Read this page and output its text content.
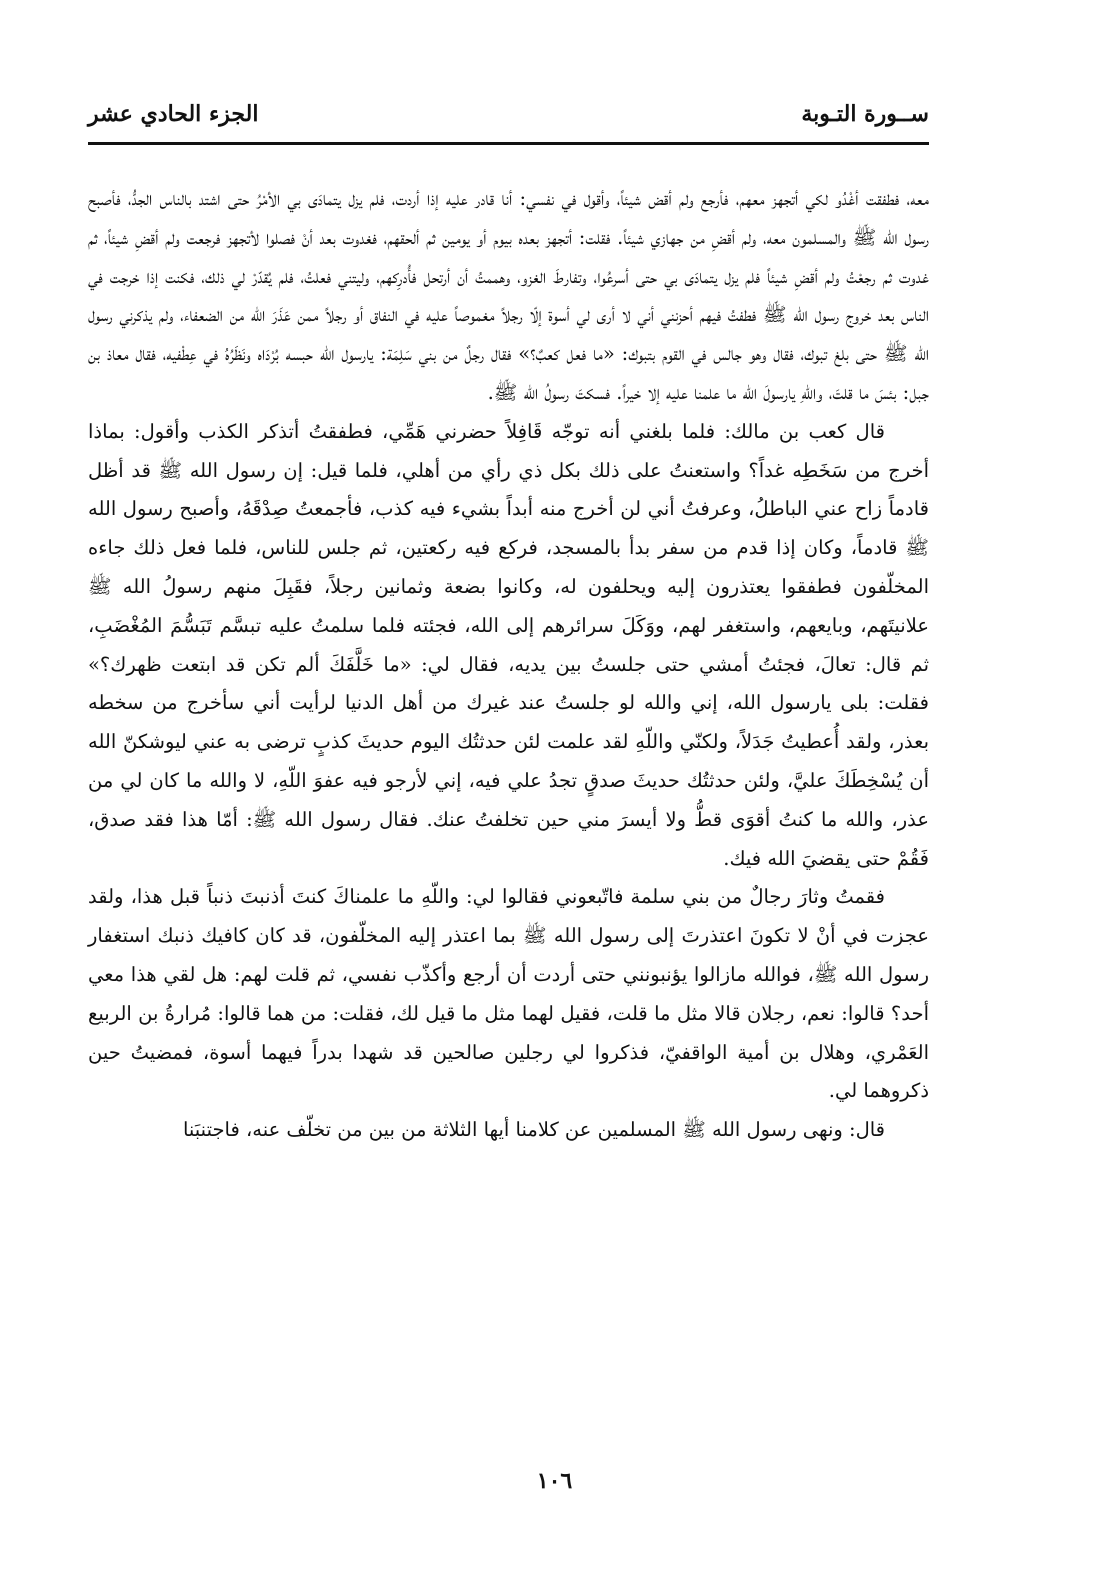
ســورة التـوبة
الجزء الحادي عشر

معه، فطفقت أغْدُو لكي أتجهز معهم، فأرجع ولم أقض شيئاً، وأقول في نفسي: أنا قادر عليه إذا أردت، فلم يزل يتمادَى بي الأمْرُ حتى اشتد بالناس الجدُّ، فأصبح رسول الله ﷺ والمسلمون معه، ولم أقضِ من جهازي شيئاً. فقلت: أتجهز بعده بيوم أو يومين ثم ألحقهم، فغدوت بعد أنْ فصلوا لأتجهز فرجعت ولم أقضِ شيئاً، ثم غدوت ثم رجعْتُ ولم أقضِ شيئاً فلم يزل يتمادَى بي حتى أسرعُوا، وتفارطَ الغزو، وهممتُ أن أرتحل فأُدرِكهم، وليتني فعلتُ، فلم يُقدّرْ لي ذلك، فكنت إذا خرجت في الناس بعد خروج رسول الله ﷺ فطفتُ فيهم أحزنني أني لا أرى لي أسوة إلّا رجلاً مغموصاً عليه في النفاق أو رجلاً ممن عَذَرَ الله من الضعفاء، ولم يذكرني رسول الله ﷺ حتى بلغ تبوك، فقال وهو جالس في القوم بتبوك: «ما فعل كعبٌ؟» فقال رجلٌ من بني سَلِمَة: يارسول الله حبسه بُرْدَاه ونَظَرُهُ في عِطْفيه، فقال معاذ بن جبل: بئسَ ما قلتَ، واللّهِ يارسولَ الله ما علمنا عليه إلا خيراً. فسكتَ رسولُ الله ﷺ.

قال كعب بن مالك: فلما بلغني أنه توجّه قَافِلاً حضرني هَمِّي، فطفقتُ أتذكر الكذب وأقول: بماذا أخرج من سَخَطِه غداً؟ واستعنتُ على ذلك بكل ذي رأي من أهلي، فلما قيل: إن رسول الله ﷺ قد أظل قادماً زاح عني الباطلُ، وعرفتُ أني لن أخرج منه أبداً بشيء فيه كذب، فأجمعتُ صِدْقَهُ، وأصبح رسول الله ﷺ قادماً، وكان إذا قدم من سفر بدأ بالمسجد، فركع فيه ركعتين، ثم جلس للناس، فلما فعل ذلك جاءه المخلّفون فطفقوا يعتذرون إليه ويحلفون له، وكانوا بضعة وثمانين رجلاً، فقَبِلَ منهم رسولُ الله ﷺ علانيتَهم، وبايعهم، واستغفر لهم، ووَكَلَ سرائرهم إلى الله، فجئته فلما سلمتُ عليه تبسَّم تَبَسُّمَ المُغْضَبِ، ثم قال: تعالَ، فجئتُ أمشي حتى جلستُ بين يديه، فقال لي: «ما خَلَّفَكَ ألم تكن قد ابتعت ظهرك؟» فقلت: بلى يارسول الله، إني والله لو جلستُ عند غيرك من أهل الدنيا لرأيت أني سأخرج من سخطه بعذر، ولقد أُعطيتُ جَدَلاً، ولكنّي واللّهِ لقد علمت لئن حدثتُك اليوم حديثَ كذبٍ ترضى به عني ليوشكنّ الله أن يُسْخِطَكَ عليَّ، ولئن حدثتُك حديثَ صدقٍ تجدُ علي فيه، إني لأرجو فيه عفوَ اللّهِ، لا والله ما كان لي من عذر، والله ما كنتُ أقوَى قطُّ ولا أيسرَ مني حين تخلفتُ عنك. فقال رسول الله ﷺ: أمّا هذا فقد صدق، فَقُمْ حتى يقضيَ الله فيك.

فقمتُ وثارَ رجالٌ من بني سلمة فاتّبعوني فقالوا لي: واللّهِ ما علمناكَ كنتَ أذنبتَ ذنباً قبل هذا، ولقد عجزت في أنْ لا تكونَ اعتذرتَ إلى رسول الله ﷺ بما اعتذر إليه المخلّفون، قد كان كافيك ذنبك استغفار رسول الله ﷺ، فوالله مازالوا يؤنبونني حتى أردت أن أرجع وأكذّب نفسي، ثم قلت لهم: هل لقي هذا معي أحد؟ قالوا: نعم، رجلان قالا مثل ما قلت، فقيل لهما مثل ما قيل لك، فقلت: من هما قالوا: مُرارةُ بن الربيع العَمْري، وهلال بن أمية الواقفيّ، فذكروا لي رجلين صالحين قد شهدا بدراً فيهما أسوة، فمضيتُ حين ذكروهما لي.

قال: ونهى رسول الله ﷺ المسلمين عن كلامنا أيها الثلاثة من بين من تخلّف عنه، فاجتنبَنا

١٠٦
